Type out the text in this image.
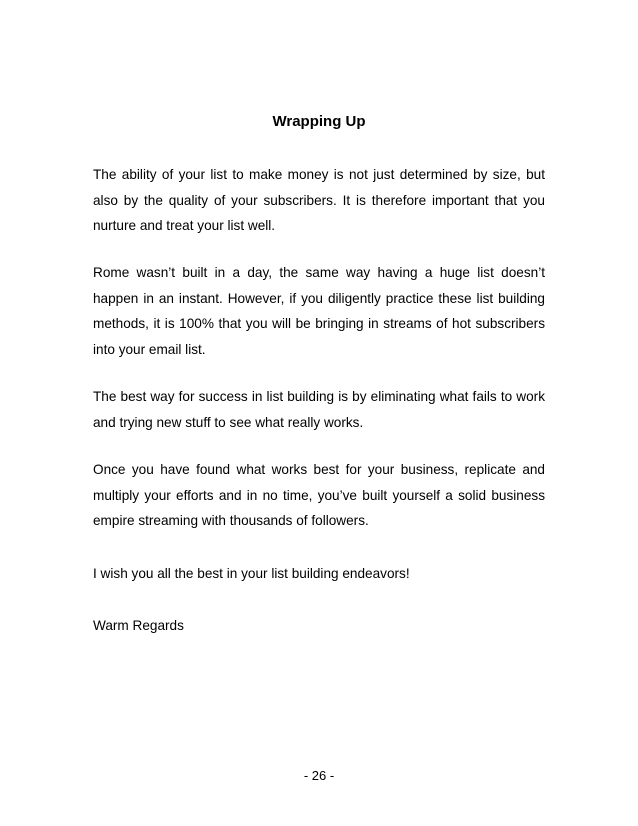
Wrapping Up

The ability of your list to make money is not just determined by size, but also by the quality of your subscribers. It is therefore important that you nurture and treat your list well.

Rome wasn’t built in a day, the same way having a huge list doesn’t happen in an instant. However, if you diligently practice these list building methods, it is 100% that you will be bringing in streams of hot subscribers into your email list.

The best way for success in list building is by eliminating what fails to work and trying new stuff to see what really works.

Once you have found what works best for your business, replicate and multiply your efforts and in no time, you’ve built yourself a solid business empire streaming with thousands of followers.

I wish you all the best in your list building endeavors!

Warm Regards

- 26 -
